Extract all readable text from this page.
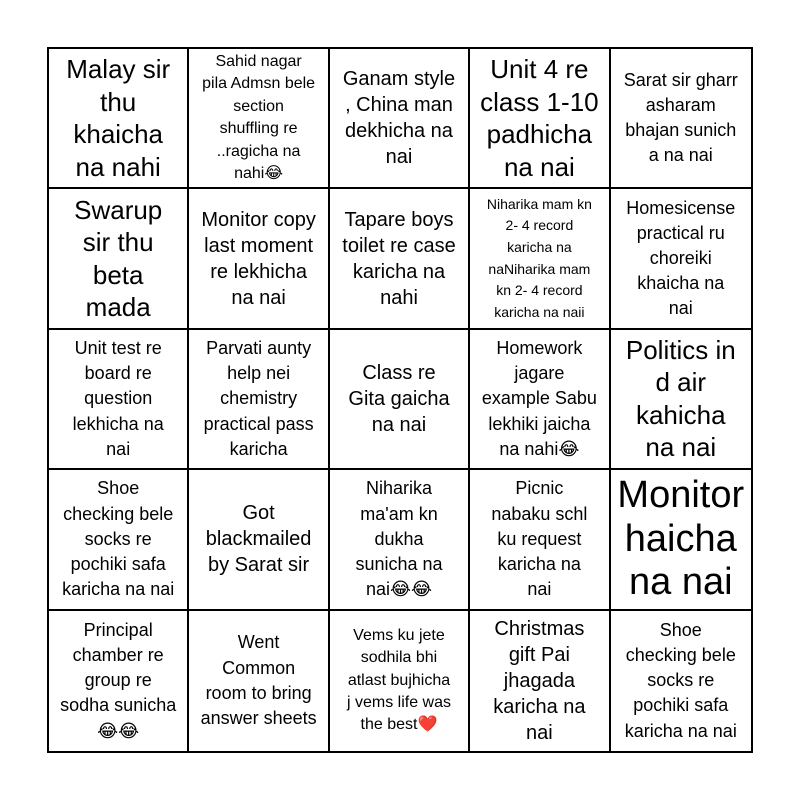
Malay sir
thu
khaicha
na nahi
Sahid nagar
pila Admsn bele
section
shuffling re
..ragicha na
nahi😂
Ganam style
, China man
dekhicha na
nai
Unit 4 re
class 1-10
padhicha
na nai
Sarat sir gharr
asharam
bhajan sunich
a na nai
Swarup
sir thu
beta
mada
Monitor copy
last moment
re lekhicha
na nai
Tapare boys
toilet re case
karicha na
nahi
Niharika mam kn
2- 4 record
karicha na
naNiharika mam
kn 2- 4 record
karicha na naii
Homesicense
practical ru
choreiki
khaicha na
nai
Unit test re
board re
question
lekhicha na
nai
Parvati aunty
help nei
chemistry
practical pass
karicha
Class re
Gita gaicha
na nai
Homework
jagare
example Sabu
lekhiki jaicha
na nahi😂
Politics in
d air
kahicha
na nai
Shoe
checking bele
socks re
pochiki safa
karicha na nai
Got
blackmailed
by Sarat sir
Niharika
ma'am kn
dukha
sunicha na
nai😂😂
Picnic
nabaku schl
ku request
karicha na
nai
Monitor
haicha
na nai
Principal
chamber re
group re
sodha sunicha
😂😂
Went
Common
room to bring
answer sheets
Vems ku jete
sodhila bhi
atlast bujhicha
j vems life was
the best❤️
Christmas
gift Pai
jhagada
karicha na
nai
Shoe
checking bele
socks re
pochiki safa
karicha na nai
